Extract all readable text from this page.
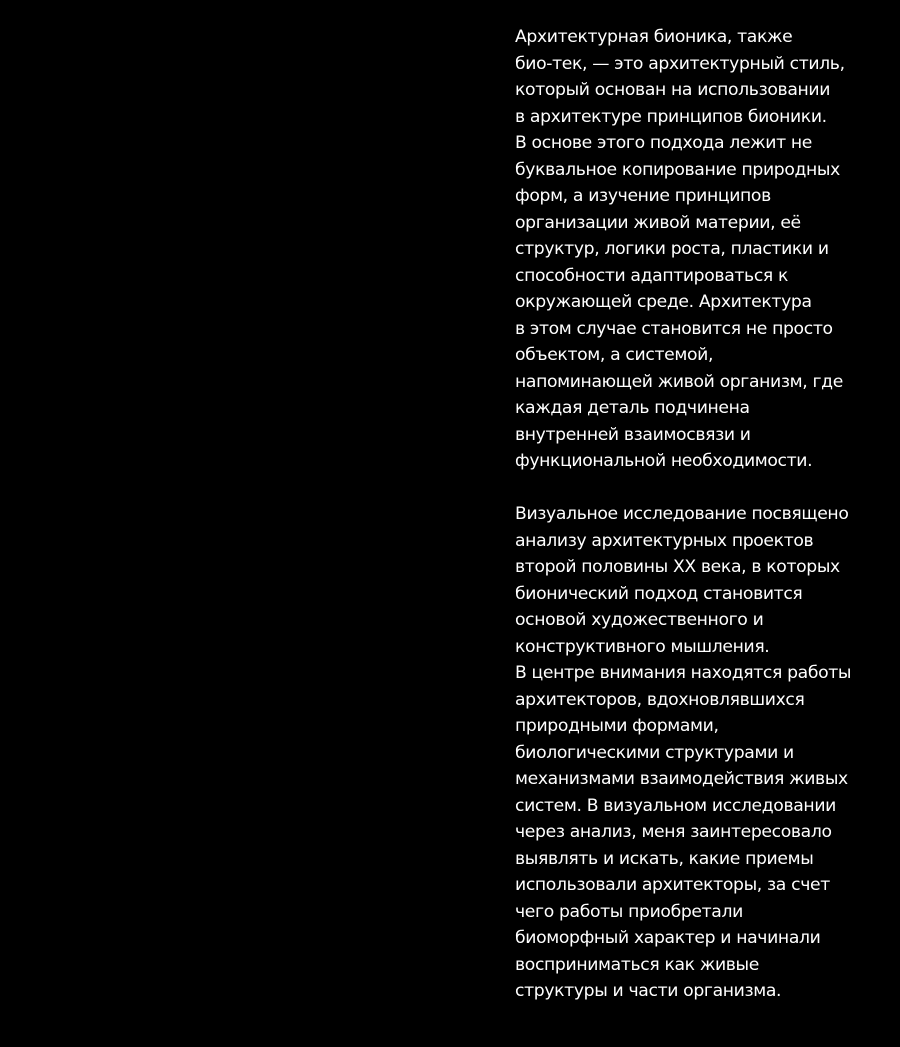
Архитектурная бионика, также
био-тек, — это архитектурный стиль,
который основан на использовании
в архитектуре принципов бионики.
В основе этого подхода лежит не
буквальное копирование природных
форм, а изучение принципов
организации живой материи, её
структур, логики роста, пластики и
способности адаптироваться к
окружающей среде. Архитектура
в этом случае становится не просто
объектом, а системой,
напоминающей живой организм, где
каждая деталь подчинена
внутренней взаимосвязи и
функциональной необходимости.

Визуальное исследование посвящено
анализу архитектурных проектов
второй половины XX века, в которых
бионический подход становится
основой художественного и
конструктивного мышления.
В центре внимания находятся работы
архитекторов, вдохновлявшихся
природными формами,
биологическими структурами и
механизмами взаимодействия живых
систем. В визуальном исследовании
через анализ, меня заинтересовало
выявлять и искать, какие приемы
использовали архитекторы, за счет
чего работы приобретали
биоморфный характер и начинали
восприниматься как живые
структуры и части организма.
